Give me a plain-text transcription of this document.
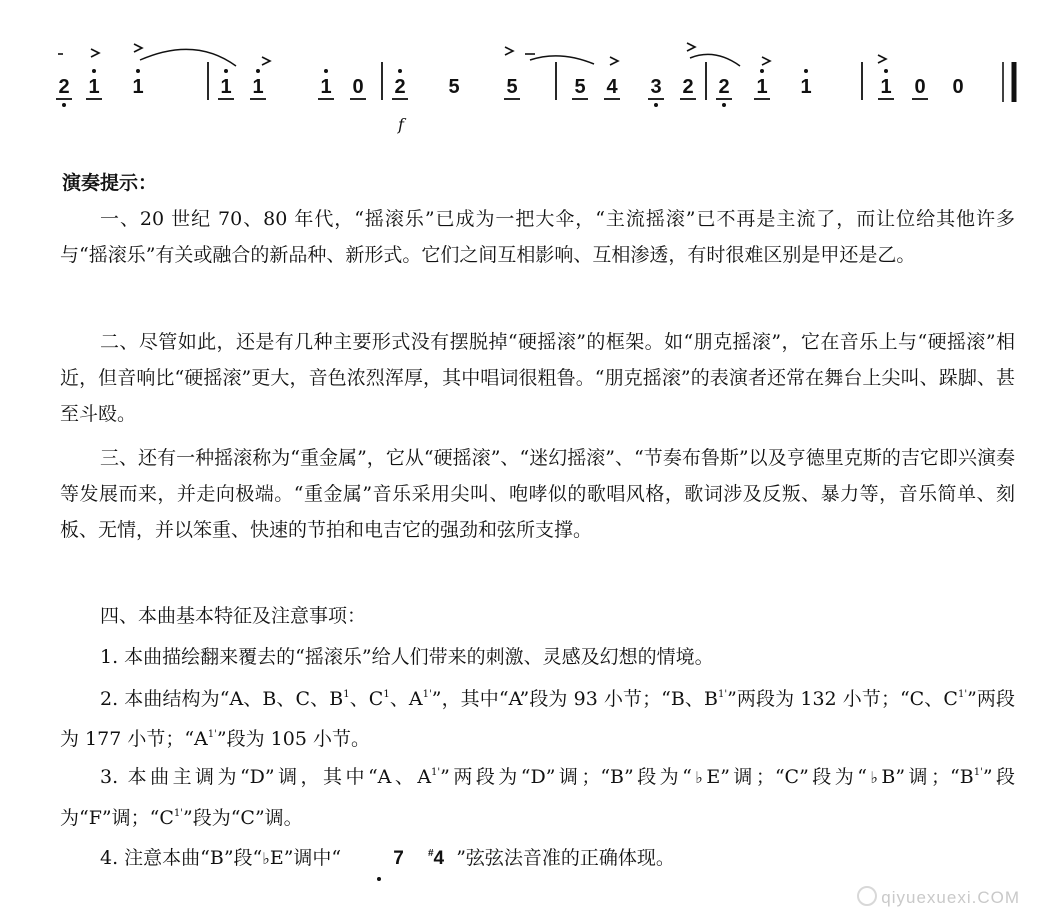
2 1 1	1 1	1 0 2 5 5	5 4 3 2 2 1 1	1 0 0
f
演奏提示：

一、20 世纪 70、80 年代，“摇滚乐”已成为一把大伞，“主流摇滚”已不再是主流了，而让位给其他许多与“摇滚乐”有关或融合的新品种、新形式。它们之间互相影响、互相渗透，有时很难区别是甲还是乙。

二、尽管如此，还是有几种主要形式没有摆脱掉“硬摇滚”的框架。如“朋克摇滚”，它在音乐上与“硬摇滚”相近，但音响比“硬摇滚”更大，音色浓烈浑厚，其中唱词很粗鲁。“朋克摇滚”的表演者还常在舞台上尖叫、跺脚、甚至斗殴。

三、还有一种摇滚称为“重金属”，它从“硬摇滚”、“迷幻摇滚”、“节奏布鲁斯”以及亨德里克斯的吉它即兴演奏等发展而来，并走向极端。“重金属”音乐采用尖叫、咆哮似的歌唱风格，歌词涉及反叛、暴力等，音乐简单、刻板、无情，并以笨重、快速的节拍和电吉它的强劲和弦所支撑。

四、本曲基本特征及注意事项：

1. 本曲描绘翻来覆去的“摇滚乐”给人们带来的刺激、灵感及幻想的情境。

2. 本曲结构为“A、B、C、$B^1$、$C^1$、$A^{1'}$”，其中“A”段为 93 小节；“B、$B^{1'}$”两段为 132 小节；“C、$C^{1'}$”两段为 177 小节；“$A^{1'}$”段为 105 小节。

3. 本曲主调为“D”调，其中“A、$A^{1'}$”两段为“D”调；“B”段为“♭E”调；“C”段为“♭B”调；“$B^{1'}$”段为“F”调；“$C^{1'}$”段为“C”调。

4. 注意本曲“B”段“♭E”调中“	7 #4 ”弦弦法音准的正确体现。

qiyuexuexi.COM
